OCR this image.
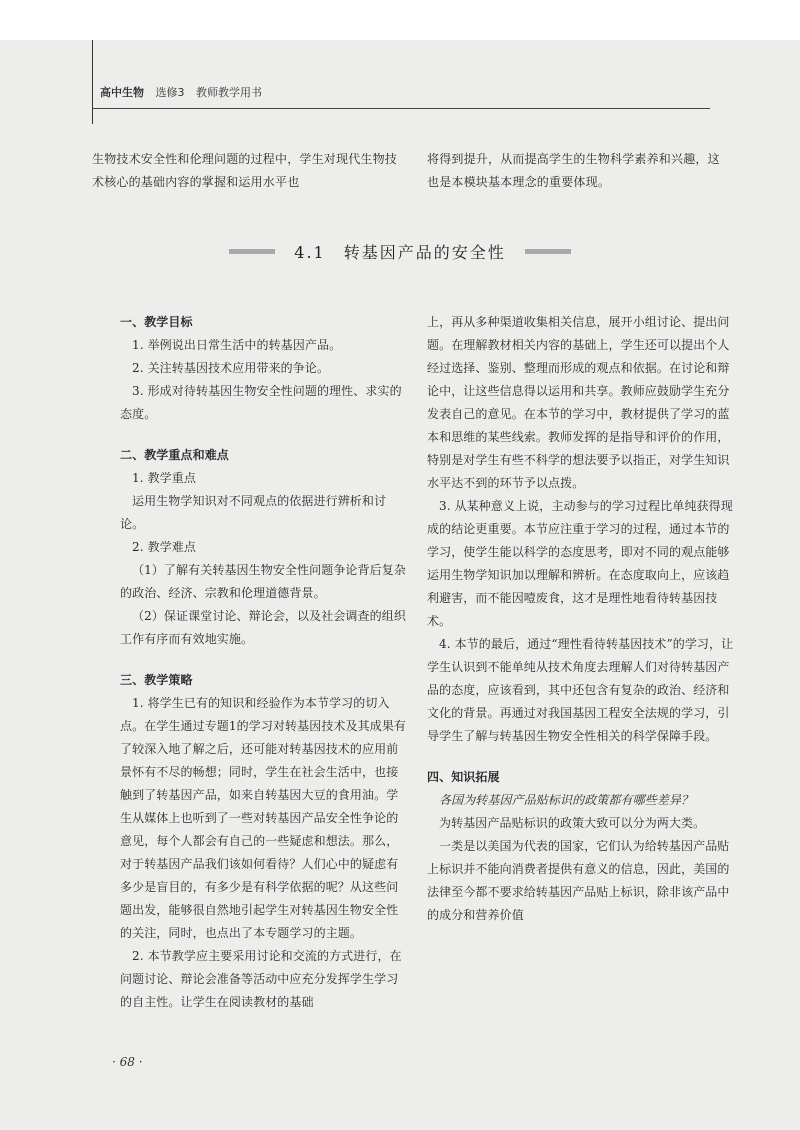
高中生物 选修3 教师教学用书

生物技术安全性和伦理问题的过程中，学生对现代生物技术核心的基础内容的掌握和运用水平也

将得到提升，从而提高学生的生物科学素养和兴趣，这也是本模块基本理念的重要体现。

4.1　转基因产品的安全性

一、教学目标

1. 举例说出日常生活中的转基因产品。

2. 关注转基因技术应用带来的争论。

3. 形成对待转基因生物安全性问题的理性、求实的态度。

二、教学重点和难点

1. 教学重点

运用生物学知识对不同观点的依据进行辨析和讨论。

2. 教学难点

（1）了解有关转基因生物安全性问题争论背后复杂的政治、经济、宗教和伦理道德背景。

（2）保证课堂讨论、辩论会，以及社会调查的组织工作有序而有效地实施。

三、教学策略

1. 将学生已有的知识和经验作为本节学习的切入点。在学生通过专题1的学习对转基因技术及其成果有了较深入地了解之后，还可能对转基因技术的应用前景怀有不尽的畅想；同时，学生在社会生活中，也接触到了转基因产品，如来自转基因大豆的食用油。学生从媒体上也听到了一些对转基因产品安全性争论的意见，每个人都会有自己的一些疑虑和想法。那么，对于转基因产品我们该如何看待？人们心中的疑虑有多少是盲目的，有多少是有科学依据的呢？从这些问题出发，能够很自然地引起学生对转基因生物安全性的关注，同时，也点出了本专题学习的主题。

2. 本节教学应主要采用讨论和交流的方式进行，在问题讨论、辩论会准备等活动中应充分发挥学生学习的自主性。让学生在阅读教材的基础

上，再从多种渠道收集相关信息，展开小组讨论、提出问题。在理解教材相关内容的基础上，学生还可以提出个人经过选择、鉴别、整理而形成的观点和依据。在讨论和辩论中，让这些信息得以运用和共享。教师应鼓励学生充分发表自己的意见。在本节的学习中，教材提供了学习的蓝本和思维的某些线索。教师发挥的是指导和评价的作用，特别是对学生有些不科学的想法要予以指正，对学生知识水平达不到的环节予以点拨。

3. 从某种意义上说，主动参与的学习过程比单纯获得现成的结论更重要。本节应注重于学习的过程，通过本节的学习，使学生能以科学的态度思考，即对不同的观点能够运用生物学知识加以理解和辨析。在态度取向上，应该趋利避害，而不能因噎废食，这才是理性地看待转基因技术。

4. 本节的最后，通过“理性看待转基因技术”的学习，让学生认识到不能单纯从技术角度去理解人们对待转基因产品的态度，应该看到，其中还包含有复杂的政治、经济和文化的背景。再通过对我国基因工程安全法规的学习，引导学生了解与转基因生物安全性相关的科学保障手段。

四、知识拓展

各国为转基因产品贴标识的政策都有哪些差异？

为转基因产品贴标识的政策大致可以分为两大类。

一类是以美国为代表的国家，它们认为给转基因产品贴上标识并不能向消费者提供有意义的信息，因此，美国的法律至今都不要求给转基因产品贴上标识，除非该产品中的成分和营养价值

· 68 ·
